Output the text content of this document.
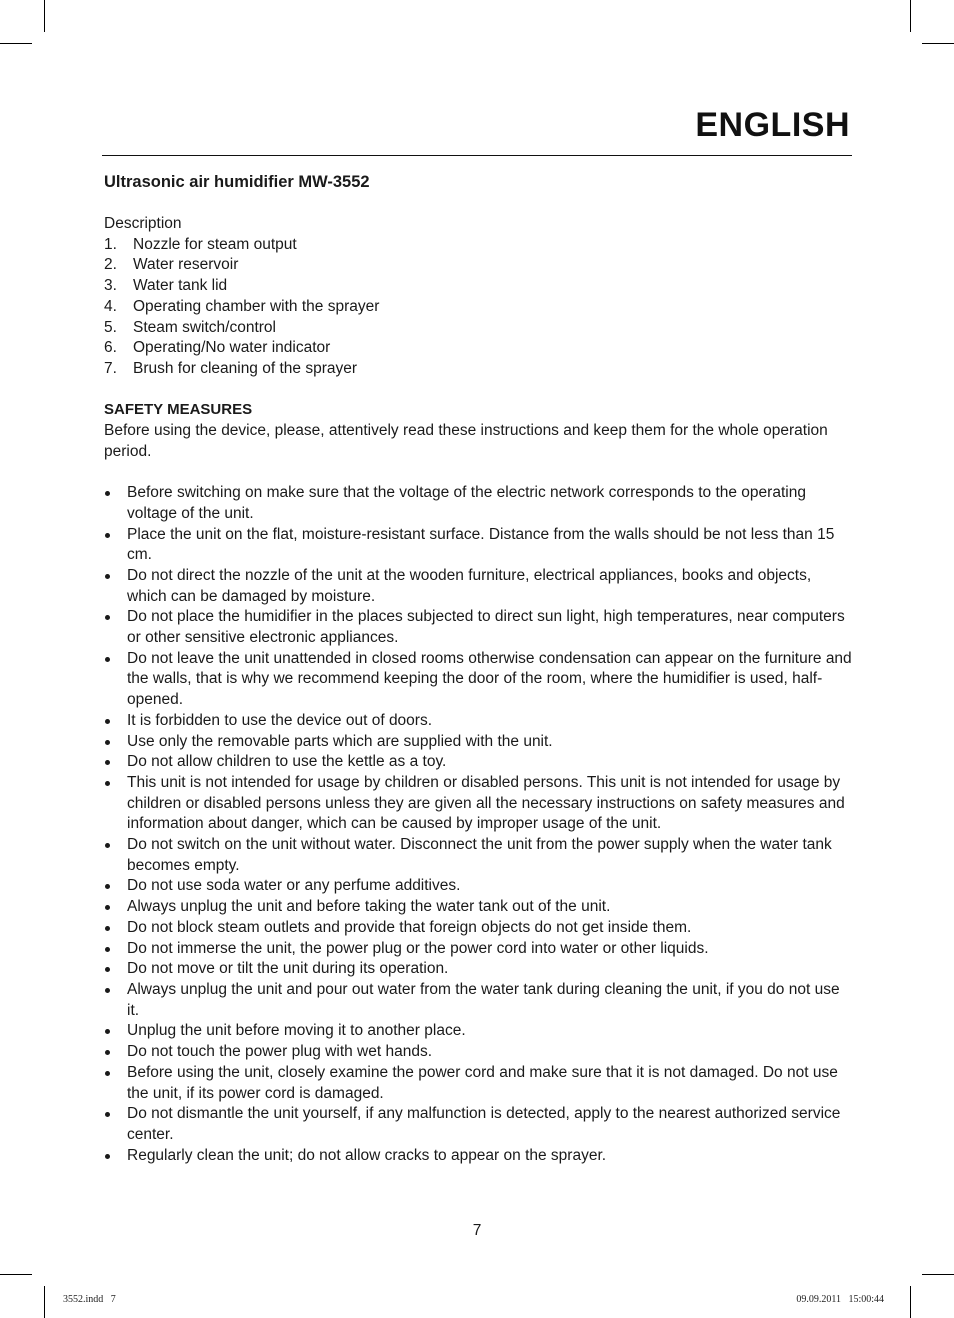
ENGLISH
Ultrasonic air humidifier MW-3552

Description

1. Nozzle for steam output
2. Water reservoir
3. Water tank lid
4. Operating chamber with the sprayer
5. Steam switch/control
6. Operating/No water indicator
7. Brush for cleaning of the sprayer

SAFETY MEASURES

Before using the device, please, attentively read these instructions and keep them for the whole operation period.

Before switching on make sure that the voltage of the electric network corresponds to the operating voltage of the unit.
Place the unit on the flat, moisture-resistant surface. Distance from the walls should be not less than 15 cm.
Do not direct the nozzle of the unit at the wooden furniture, electrical appliances, books and objects, which can be damaged by moisture.
Do not place the humidifier in the places subjected to direct sun light, high temperatures, near computers or other sensitive electronic appliances.
Do not leave the unit unattended in closed rooms otherwise condensation can appear on the furniture and the walls, that is why we recommend keeping the door of the room, where the humidifier is used, half-opened.
It is forbidden to use the device out of doors.
Use only the removable parts which are supplied with the unit.
Do not allow children to use the kettle as a toy.
This unit is not intended for usage by children or disabled persons. This unit is not intended for usage by children or disabled persons unless they are given all the necessary instructions on safety measures and information about danger, which can be caused by improper usage of the unit.
Do not switch on the unit without water. Disconnect the unit from the power supply when the water tank becomes empty.
Do not use soda water or any perfume additives.
Always unplug the unit and before taking the water tank out of the unit.
Do not block steam outlets and provide that foreign objects do not get inside them.
Do not immerse the unit, the power plug or the power cord into water or other liquids.
Do not move or tilt the unit during its operation.
Always unplug the unit and pour out water from the water tank during cleaning the unit, if you do not use it.
Unplug the unit before moving it to another place.
Do not touch the power plug with wet hands.
Before using the unit, closely examine the power cord and make sure that it is not damaged. Do not use the unit, if its power cord is damaged.
Do not dismantle the unit yourself, if any malfunction is detected, apply to the nearest authorized service center.
Regularly clean the unit; do not allow cracks to appear on the sprayer.
7
3552.indd   7	09.09.2011   15:00:44
